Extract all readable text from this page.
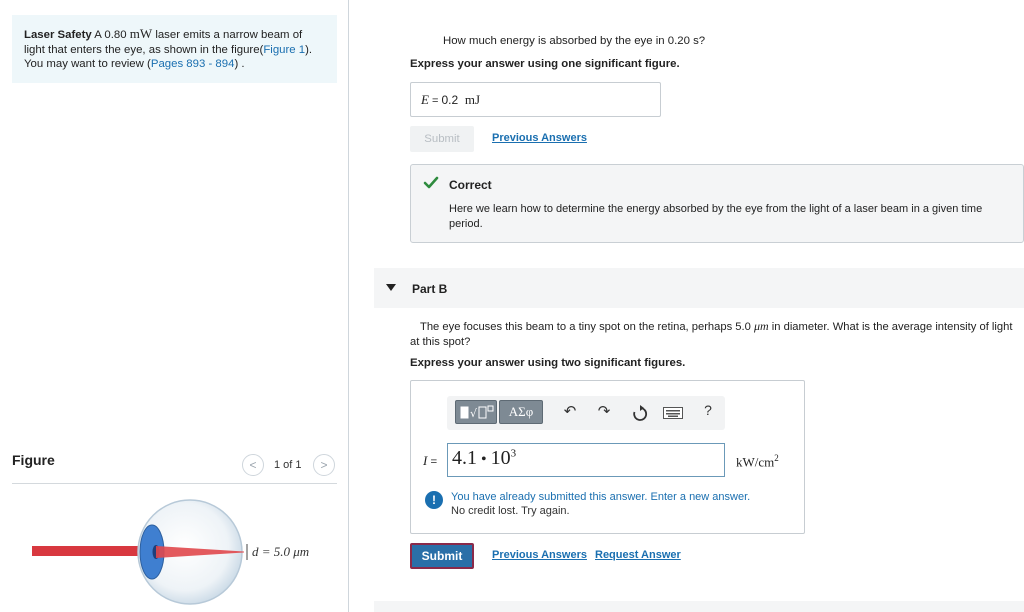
Laser Safety A 0.80 mW laser emits a narrow beam of light that enters the eye, as shown in the figure(Figure 1). You may want to review (Pages 893 - 894) .
Figure	<	1 of 1	>
d = 5.0 μm
How much energy is absorbed by the eye in 0.20 s?
Express your answer using one significant figure.
E = 0.2 mJ
Submit	Previous Answers
Correct
Here we learn how to determine the energy absorbed by the eye from the light of a laser beam in a given time period.
Part B
The eye focuses this beam to a tiny spot on the retina, perhaps 5.0 μm in diameter. What is the average intensity of light at this spot?
Express your answer using two significant figures.
√	ΑΣφ	↶	↷	?
I = 4.1 • $10^3$
$kW/cm^2$
!	You have already submitted this answer. Enter a new answer.
No credit lost. Try again.
Submit	Previous Answers Request Answer
